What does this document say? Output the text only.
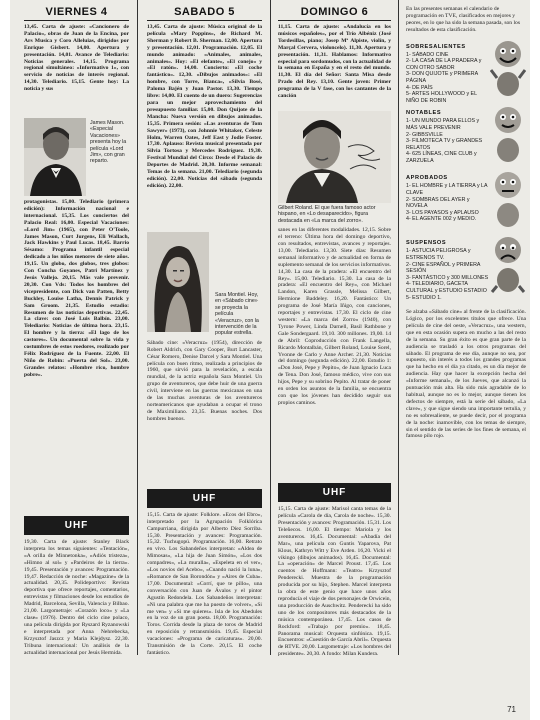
VIERNES 4

13,45. Carta de ajuste: «Cancionero de Palacio», obras de Juan de la Encina, por Ars Musica y Coro Alleluias, dirigidos por Enrique Gisbert. 14,00. Apertura y presentación. 14,01. Avance de Telediario: Noticias generales. 14,15. Programa regional simultáneo: «Informativo 1», con servicio de noticias de interés regional. 14,30. Telediario. 15,15. Gente hoy: La noticia y sus

James Mason. «Especial Vacaciones» presenta hoy la película «Lord Jim», con gran reparto.

protagonistas. 15,00. Telediario (primera edición): Información nacional e internacional. 15,35. Los conciertos del Palacio Real: 16,00. Especial Vacaciones: «Lord Jim» (1965), con Peter O'Toole, James Mason, Curt Jurgens, Eli Wallach, Jack Hawkins y Paul Lucas. 18,45. Barrio Sésamo: Programa infantil especial dedicado a los niños menores de siete años. 19,15. Un globo, dos globos, tres globos: Con Concha Goyanes, Patri Martínez y Jesús Vallejo. 20,15. Más vale prevenir. 20,30. Con Vds: Todos los hombres del vicepresidente, con Dick van Patten, Betty Buckley, Louise Latha, Dennis Patrick y Sam Groom. 21,35. Estudio estadio: Resumen de las noticias deportivas. 22,45. La clave: con José Luis Balbín. 23,00. Telediario: Noticias de última hora. 23,15. El hombre y la tierra: «El lago de los castores». Un documental sobre la vida y costumbres de estos roedores, realizado por Félix Rodríguez de la Fuente. 22,00. El Niño de Robin: «Puerta del Sol». 23,00. Grandes relatos: «Hombre rico, hombre pobre».

UHF

19,30. Carta de ajuste: Stanley Black interpreta los temas siguientes: «Tentación», «A orilla de Minnetonka», «Adiós tristeza», «Himno al sol» y «Pardeiros de la tierra». 19,45. Presentación y avances: Programación. 19,47. Redacción de noche: «Magazine» de la actualidad. 20,35. Polideportivo: Revista deportiva que ofrece reportajes, comentarios, entrevistas y filmaciones desde los estudios de Madrid, Barcelona, Sevilla, Valencia y Bilbao. 21,00. Largometraje: «Corazón loco» y «La clase» (1976). Dentro del ciclo cine polaco, una película dirigida por Ryszard Ryzanowski e interpretada por Anna Nehrebecka, Krzysztof Jaszcz y Maria Klejdysz. 22,30. Tribuna internacional: Un análisis de la actualidad internacional por Jesús Hermida.

SABADO 5

13,45. Carta de ajuste: Música original de la película «Mary Poppins», de Richard M. Sherman y Robert B. Sherman. 12,00. Apertura y presentación. 12,01. Programación. 12,05. El mundo animado: «Animales, animales, animales». Hoy: «El elefante», «El conejo» y «El ratón». 14,00. Concierto: «El coche fantástico». 12,30. «Dibujos animados»: «El hombre, con Torre, Bianca», «Silvia Bosé, Paloma Bajén y Juan Pastor. 13,30. Tiempo libre: 14,00. El cuento de un duero: Sugerencias para un mejor aprovechamiento del presupuesto familiar. 15,00. Don Quijote de la Mancha: Nueva versión en dibujos animados. 15,35. Primera sesión: «Las aventuras de Tom Sawyer» (1973), con Johnnie Whitaker, Celeste Holm, Warren Oates, Jeff East y Jodie Foster. 17,30. Aplauso: Revista musical presentada por Silvia Tortosa y Mercedes Rodríguez. 19,30. Festival Mundial del Circo: Desde el Palacio de Deportes de Madrid. 20,30. Informe semanal: Temas de la semana. 21,00. Telediario (segunda edición). 22,00. Noticias del sábado (segunda edición). 22,00.

Sara Montiel. Hoy, en «Sábado cine» se proyecta la película «Veracruz», con la intervención de la popular estrella.

Sábado cine: «Veracruz» (1954), dirección de Robert Aldrich, con Gary Cooper, Burt Lancaster, César Romero, Denise Darcel y Sara Montiel. Una película con buen ritmo, realizada a principios de 1960, que sirvió para la revelación, a escala mundial, de la actriz española Sara Montiel. Un grupo de aventureros, que debe huir de una guerra civil, interviene en las guerras mexicanas en una de las muchas aventuras de los aventureros norteamericanos que ayudaban a ocupar el trono de Maximiliano. 23,35. Buenas noches. Dos hombres buenos.

UHF

15,15. Carta de ajuste: Folklore. «Ecos del Ebro», interpretado por la Agrupación Folklórica Campurriana, dirigida por Alberto Díez Sorriba. 15,30. Presentación y avances: Programación. 15,32. Tuchugopú. Programación. 16,00. Retrato en vivo. Los Sabandeños interpretan: «Aldea de Mimosas», «La hija de Juan Simón», «Los dos compadres», «La muralla», «Espeleta en el ver», «Los novios del Acebo», «Cuando nació la luna», «Romance de San Borondón» y «Aires de Cuba». 17,00. Documental: «Corrí, que te pillo», una conversación con Juan de Ávalos y el pintor Agustín Redondela. Los Sabandeños interpretan: «Ni una palabra que me ha puesto de volver», «Si me ven» y «Si me quieres». Isla de los Abedules en la voz de un gran poeta. 18,00. Programación: Toros. Corrida desde la plaza de toros de Madrid en reposición y retransmisión. 19,45. Especial vacaciones: «Programa de caricaturas». 20,00. Transmisión de la Corte. 20,15. El coche fantástico.

DOMINGO 6

11,15. Carta de ajuste: «Andalucía en los músicos españoles», por el Trío Albéniz (José Tordesillas, piano; Josep Mª Alpiste, violín, y Marçal Cervera, violoncelo). 11,30. Apertura y presentación. 11,31. Hablamos: Informativo especial para sordomudos, con la actualidad de la semana en España y en el resto del mundo. 11,30. El día del Señor: Santa Misa desde Prado del Rey. 13,10. Gente joven: Primer programa de la V fase, con los cantantes de la canción

Gilbert Roland. El que fuera famoso actor hispano, en «Lo desaparecido», figura destacada en «La marca del zorro».

sanes en las diferentes modalidades. 12,15. Sobre el terreno: Última hora del domingo deportivo, con resultados, entrevistas, avances y reportajes. 13,00. Telediario. 13,30. Siete días: Resumen semanal informativo y de actualidad en forma de suplemento semanal de los servicios informativos. 14,30. La casa de la pradera: «El encuentro del Rey». 15,00. Telediario. 15,30. La casa de la pradera: «El encuentro del Rey», con Michael Landon, Karen Grassle, Melissa Gilbert, Hermione Baddeley. 16,20. Fantástico: Un programa de José María Iñigo, con canciones, reportajes y entrevistas. 17,30. El ciclo de cine western: «La marca del Zorro» (1940), con Tyrone Power, Linda Darnell, Basil Rathbone y Gale Sondergaard. 19,10. 300 millones. 19,00. 14 de Abril: Coproducción con Frank Langella, Ricardo Montalbán, Gilbert Roland, Louise Sorel, Yvonne de Carlo y Anne Archer. 21,30. Noticias del domingo (segunda edición). 22,00. Estudio 1: «Don José, Pepe y Pepito», de Juan Ignacio Luca de Tena. Don José, famoso médico, vive con sus hijos, Pepe y su sobrino Pepito. Al tratar de poner en orden los asuntos de la familia, se encuentra con que los jóvenes han decidido seguir sus propios caminos.

UHF

15,15. Carta de ajuste: Marisol canta temas de la película «Carola de día, Carola de noche». 15,30. Presentación y avances: Programación. 15,31. Los Teleñecos. 16,00. El tiempo: Mariola y los aventureros. 16,45. Documental: «Abadía del Mar», una película con Guntis Yaparova, Pat Klous, Kathryn Witt y Eve Arden. 16,20. Vicki el vikingo (dibujos animados). 16,45. Documental: La «operación» de Marcel Proust. 17,45. Los cuentos de Hoffmann: «Teatro» Krzysztof Penderecki. Muestra de la programación producida por su hijo, Stephen. Marcel interpreta la obra de este genio que hace unos años reproducía el viaje de dos personajes de Orwicein, una producción de Auschwitz. Penderecki ha sido uno de los compositores más destacados de la música contemporánea. 17,45. Los casos de Rockford: «Trabajo por premio». 18,45. Panorama musical: Orquesta sinfónica. 19,15. Encuentros: «Cuestión de García Abril». Orquesta de RTVE. 20,00. Largometraje: «Los hombres del presidente». 20,30. A fondo: Milan Kundera.

En las presentes semanas el calendario de programación en TVE, clasificados en mejores y peores, en lo que ha sido la semana pasada, son los resultados de esta clasificación.

SOBRESALIENTES
1- SÁBADO CINE
2- LA CASA DE LA PRADERA y CON OTRO SABOR
3- DON QUIJOTE y PRIMERA PÁGINA
4- DE PAÍS
5- ARTES HOLLYWOOD y EL NIÑO DE ROBIN
NOTABLES
1- UN MUNDO PARA ELLOS y MÁS VALE PREVENIR
2- GIBBSVILLE
3- FILMOTECA TV y GRANDES RELATOS
4- 625 LÍNEAS, CINE CLUB y ZARZUELA
APROBADOS
1- EL HOMBRE y LA TIERRA y LA CLAVE
2- SOMBRAS DEL AYER y NOVELA
3- LOS PAYASOS y APLAUSO
4- EL AGENTE 002 y MEDIO.
SUSPENSOS
1- ASTUCIA PELIGROSA y ESTRENOS TV.
2- CINE ESPAÑOL y PRIMERA SESIÓN
3- FANTÁSTICO y 300 MILLONES
4- TELEDIARIO, GACETA CULTURAL y ESTUDIO ESTADIO
5- ESTUDIO 1.

Se alzaba «Sábado cine» al frente de la clasificación. Lógico, por los excelentes títulos que ofrece. Una película de cine del oeste, «Veracruz», una western, que en esta ocasión supera en mucho a las del resto de la semana. Su gran éxito es que gran parte de la audiencia se trasladó a los otros programas del sábado. El programa de ese día, aunque no sea, por supuesto, sin interés a todos los grandes programas que ha hecho en el día ya citado, es un día mejor de audiencia. Hay que hacer la excepción hecha del «Informe semanal», de los Jueves, que alcanzó la puntuación más alta. Ha sido más agradable de lo habitual, aunque no es lo mejor, aunque tienen los defectos de siempre, está la serie del sábado, «La clave», y que sigue siendo una importante tertulia, y no es sobresaliente, se puede decir, por el programa de la noche: inamovible, con los temas de siempre, sin el sentido de las series de los fines de semana, el famoso pilo rojo.

71
